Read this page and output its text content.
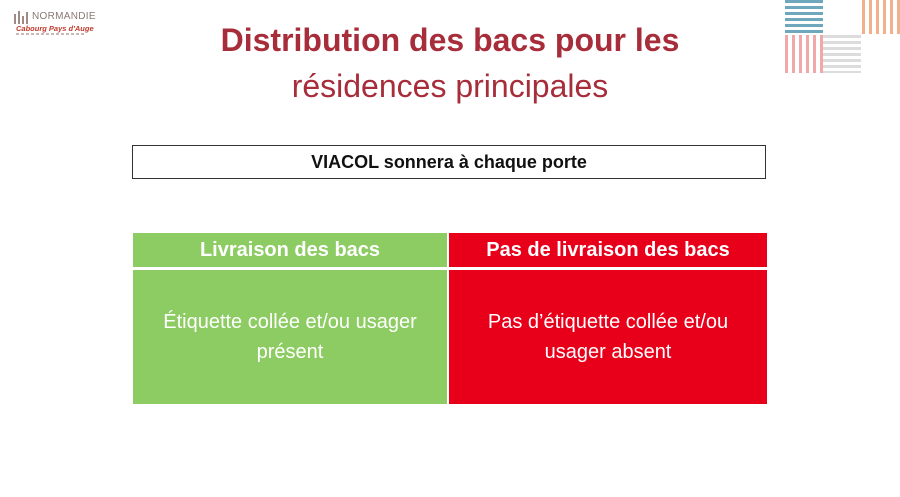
NORMANDIE
Cabourg Pays d'Auge	Distribution des bacs pour les
résidences principales
VIACOL sonnera à chaque porte
Livraison des bacs	Pas de livraison des bacs
Étiquette collée et/ou usager présent
Pas d’étiquette collée et/ou usager absent
